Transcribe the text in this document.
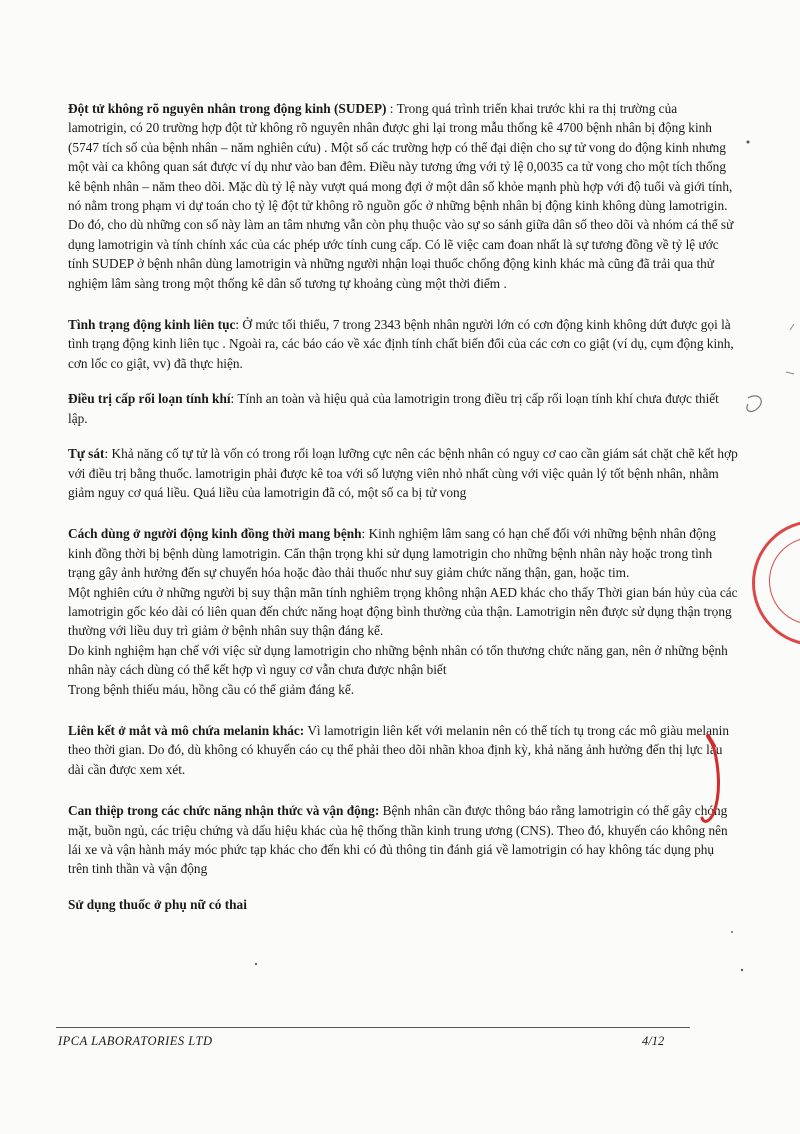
Đột tử không rõ nguyên nhân trong động kinh (SUDEP) : Trong quá trình triển khai trước khi ra thị trường của lamotrigin, có 20 trường hợp đột tử không rõ nguyên nhân được ghi lại trong mẫu thống kê 4700 bệnh nhân bị động kinh (5747 tích số của bệnh nhân – năm nghiên cứu) . Một số các trường hợp có thể đại diện cho sự tử vong do động kinh nhưng một vài ca không quan sát được ví dụ như vào ban đêm. Điều này tương ứng với tỷ lệ 0,0035 ca tử vong cho một tích thống kê bệnh nhân – năm theo dõi. Mặc dù tỷ lệ này vượt quá mong đợi ở một dân số khỏe mạnh phù hợp với độ tuổi và giới tính, nó nằm trong phạm vi dự toán cho tỷ lệ đột tử không rõ nguồn gốc ở những bệnh nhân bị động kinh không dùng lamotrigin. Do đó, cho dù những con số này làm an tâm nhưng vẫn còn phụ thuộc vào sự so sánh giữa dân số theo dõi và nhóm cá thể sử dụng lamotrigin và tính chính xác của các phép ước tính cung cấp. Có lẽ việc cam đoan nhất là sự tương đồng về tỷ lệ ước tính SUDEP ở bệnh nhân dùng lamotrigin và những người nhận loại thuốc chống động kinh khác mà cũng đã trải qua thử nghiệm lâm sàng trong một thống kê dân số tương tự khoảng cùng một thời điểm .

Tình trạng động kinh liên tục: Ở mức tối thiểu, 7 trong 2343 bệnh nhân người lớn có cơn động kinh không dứt được gọi là tình trạng động kinh liên tục . Ngoài ra, các báo cáo về xác định tính chất biến đổi của các cơn co giật (ví dụ, cụm động kinh, cơn lốc co giật, vv) đã thực hiện.

Điều trị cấp rối loạn tính khí: Tính an toàn và hiệu quả của lamotrigin trong điều trị cấp rối loạn tính khí chưa được thiết lập.

Tự sát: Khả năng cố tự tử là vốn có trong rối loạn lưỡng cực nên các bệnh nhân có nguy cơ cao cần giám sát chặt chẽ kết hợp với điều trị bằng thuốc. lamotrigin phải được kê toa với số lượng viên nhỏ nhất cùng với việc quản lý tốt bệnh nhân, nhằm giảm nguy cơ quá liều. Quá liều của lamotrigin đã có, một số ca bị tử vong

Cách dùng ở người động kinh đồng thời mang bệnh: Kinh nghiệm lâm sang có hạn chế đối với những bệnh nhân động kinh đồng thời bị bệnh dùng lamotrigin. Cẩn thận trọng khi sử dụng lamotrigin cho những bệnh nhân này hoặc trong tình trạng gây ảnh hưởng đến sự chuyển hóa hoặc đào thải thuốc như suy giảm chức năng thận, gan, hoặc tim.

Một nghiên cứu ở những người bị suy thận mãn tính nghiêm trọng không nhận AED khác cho thấy Thời gian bán hủy của các lamotrigin gốc kéo dài có liên quan đến chức năng hoạt động bình thường của thận. Lamotrigin nên được sử dụng thận trọng thường với liều duy trì giảm ở bệnh nhân suy thận đáng kể.

Do kinh nghiệm hạn chế với việc sử dụng lamotrigin cho những bệnh nhân có tổn thương chức năng gan, nên ở những bệnh nhân này cách dùng có thể kết hợp vì nguy cơ vẫn chưa được nhận biết

Trong bệnh thiếu máu, hồng cầu có thể giảm đáng kể.

Liên kết ở mắt và mô chứa melanin khác: Vì lamotrigin liên kết với melanin nên có thể tích tụ trong các mô giàu melanin theo thời gian. Do đó, dù không có khuyến cáo cụ thể phải theo dõi nhãn khoa định kỳ, khả năng ảnh hưởng đến thị lực lâu dài cần được xem xét.

Can thiệp trong các chức năng nhận thức và vận động: Bệnh nhân cần được thông báo rằng lamotrigin có thể gây chóng mặt, buồn ngủ, các triệu chứng và dấu hiệu khác của hệ thống thần kinh trung ương (CNS). Theo đó, khuyến cáo không nên lái xe và vận hành máy móc phức tạp khác cho đến khi có đủ thông tin đánh giá về lamotrigin có hay không tác dụng phụ trên tinh thần và vận động

Sử dụng thuốc ở phụ nữ có thai

IPCA LABORATORIES LTD	4/12
